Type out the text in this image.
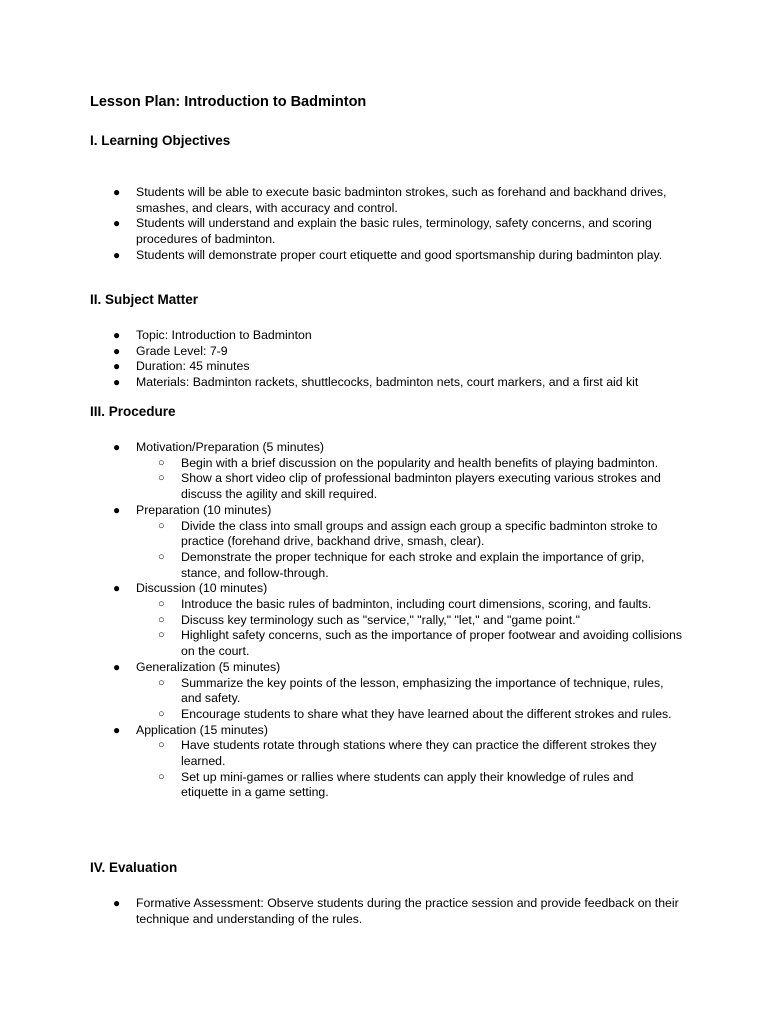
Lesson Plan: Introduction to Badminton
I. Learning Objectives
● Students will be able to execute basic badminton strokes, such as forehand and backhand drives, smashes, and clears, with accuracy and control.
● Students will understand and explain the basic rules, terminology, safety concerns, and scoring procedures of badminton.
● Students will demonstrate proper court etiquette and good sportsmanship during badminton play.
II. Subject Matter
● Topic: Introduction to Badminton
● Grade Level: 7-9
● Duration: 45 minutes
● Materials: Badminton rackets, shuttlecocks, badminton nets, court markers, and a first aid kit
III. Procedure
● Motivation/Preparation (5 minutes)
○ Begin with a brief discussion on the popularity and health benefits of playing badminton.
○ Show a short video clip of professional badminton players executing various strokes and discuss the agility and skill required.
● Preparation (10 minutes)
○ Divide the class into small groups and assign each group a specific badminton stroke to practice (forehand drive, backhand drive, smash, clear).
○ Demonstrate the proper technique for each stroke and explain the importance of grip, stance, and follow-through.
● Discussion (10 minutes)
○ Introduce the basic rules of badminton, including court dimensions, scoring, and faults.
○ Discuss key terminology such as "service," "rally," "let," and "game point."
○ Highlight safety concerns, such as the importance of proper footwear and avoiding collisions on the court.
● Generalization (5 minutes)
○ Summarize the key points of the lesson, emphasizing the importance of technique, rules, and safety.
○ Encourage students to share what they have learned about the different strokes and rules.
● Application (15 minutes)
○ Have students rotate through stations where they can practice the different strokes they learned.
○ Set up mini-games or rallies where students can apply their knowledge of rules and etiquette in a game setting.
IV. Evaluation
● Formative Assessment: Observe students during the practice session and provide feedback on their technique and understanding of the rules.
